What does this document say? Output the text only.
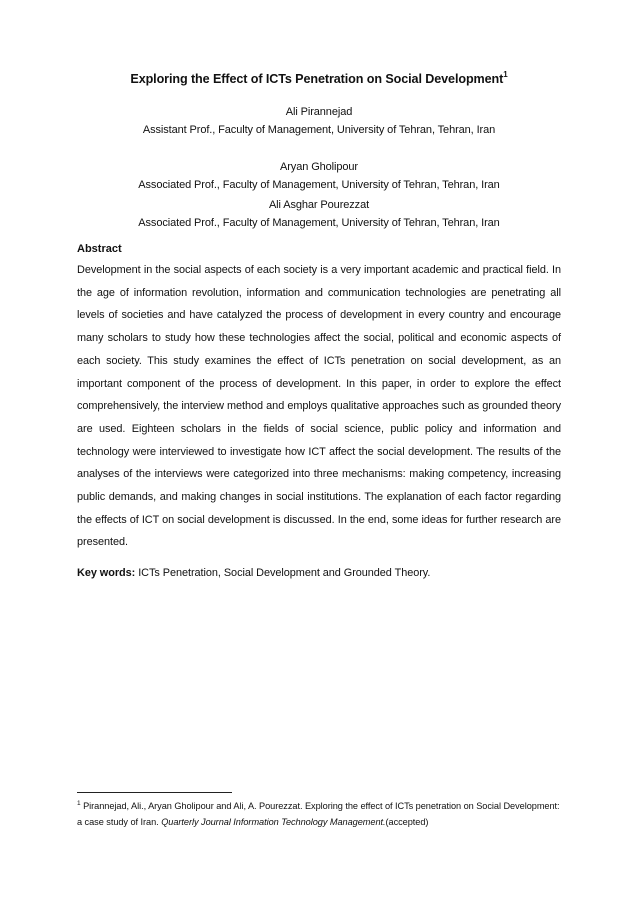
Exploring the Effect of ICTs Penetration on Social Development$^1$
Ali Pirannejad
Assistant Prof., Faculty of Management, University of Tehran, Tehran, Iran
Aryan Gholipour
Associated Prof., Faculty of Management, University of Tehran, Tehran, Iran
Ali Asghar Pourezzat
Associated Prof., Faculty of Management, University of Tehran, Tehran, Iran
Abstract

Development in the social aspects of each society is a very important academic and practical field. In the age of information revolution, information and communication technologies are penetrating all levels of societies and have catalyzed the process of development in every country and encourage many scholars to study how these technologies affect the social, political and economic aspects of each society. This study examines the effect of ICTs penetration on social development, as an important component of the process of development. In this paper, in order to explore the effect comprehensively, the interview method and employs qualitative approaches such as grounded theory are used. Eighteen scholars in the fields of social science, public policy and information and technology were interviewed to investigate how ICT affect the social development. The results of the analyses of the interviews were categorized into three mechanisms: making competency, increasing public demands, and making changes in social institutions. The explanation of each factor regarding the effects of ICT on social development is discussed. In the end, some ideas for further research are presented.

Key words: ICTs Penetration, Social Development and Grounded Theory.
$^1$ Pirannejad, Ali., Aryan Gholipour and Ali, A. Pourezzat. Exploring the effect of ICTs penetration on Social Development: a case study of Iran. Quarterly Journal Information Technology Management.(accepted)
